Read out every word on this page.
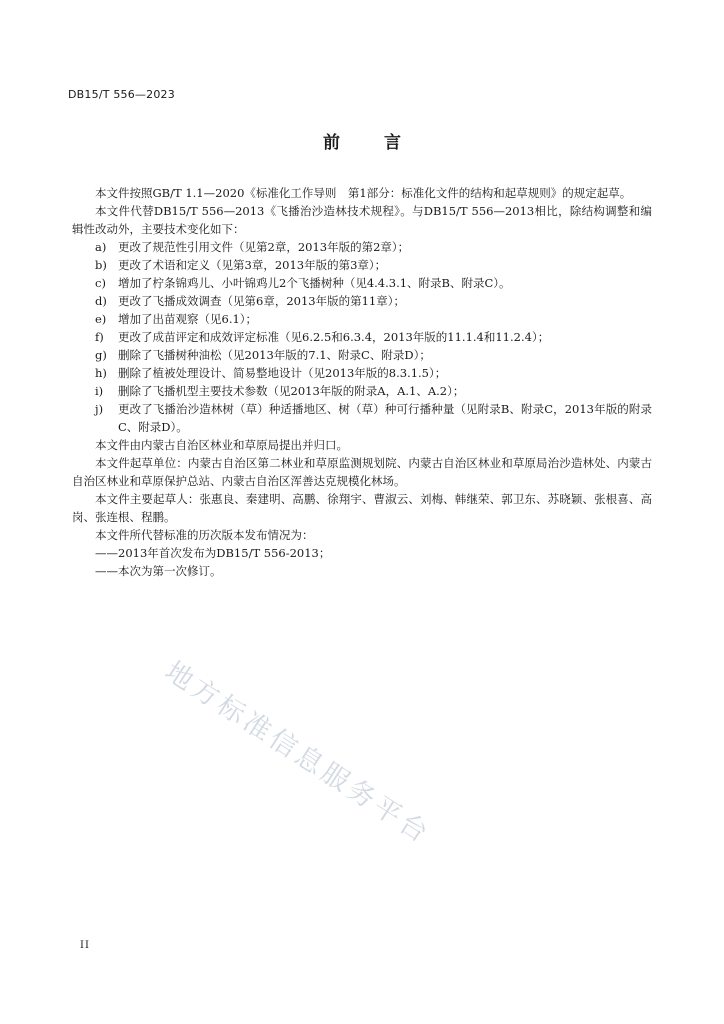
DB15/T 556—2023
前言

本文件按照GB/T 1.1—2020《标准化工作导则　第1部分：标准化文件的结构和起草规则》的规定起草。

本文件代替DB15/T 556—2013《飞播治沙造林技术规程》。与DB15/T 556—2013相比，除结构调整和编辑性改动外，主要技术变化如下：

a)	更改了规范性引用文件（见第2章，2013年版的第2章）；
b) 更改了术语和定义（见第3章，2013年版的第3章）；
c)	增加了柠条锦鸡儿、小叶锦鸡儿2个飞播树种（见4.4.3.1、附录B、附录C）。
d) 更改了飞播成效调查（见第6章，2013年版的第11章）；
e)	增加了出苗观察（见6.1）；
f)	更改了成苗评定和成效评定标准（见6.2.5和6.3.4，2013年版的11.1.4和11.2.4）；
g) 删除了飞播树种油松（见2013年版的7.1、附录C、附录D）；
h) 删除了植被处理设计、简易整地设计（见2013年版的8.3.1.5）；
i)	删除了飞播机型主要技术参数（见2013年版的附录A，A.1、A.2）；
j)	更改了飞播治沙造林树（草）种适播地区、树（草）种可行播种量（见附录B、附录C，2013年版的附录C、附录D）。

本文件由内蒙古自治区林业和草原局提出并归口。

本文件起草单位：内蒙古自治区第二林业和草原监测规划院、内蒙古自治区林业和草原局治沙造林处、内蒙古自治区林业和草原保护总站、内蒙古自治区浑善达克规模化林场。

本文件主要起草人：张惠良、秦建明、高鹏、徐翔宇、曹淑云、刘梅、韩继荣、郭卫东、苏晓颖、张根喜、高岗、张连根、程鹏。

本文件所代替标准的历次版本发布情况为：

——2013年首次发布为DB15/T 556-2013；

——本次为第一次修订。

地方标准信息服务平台
II
